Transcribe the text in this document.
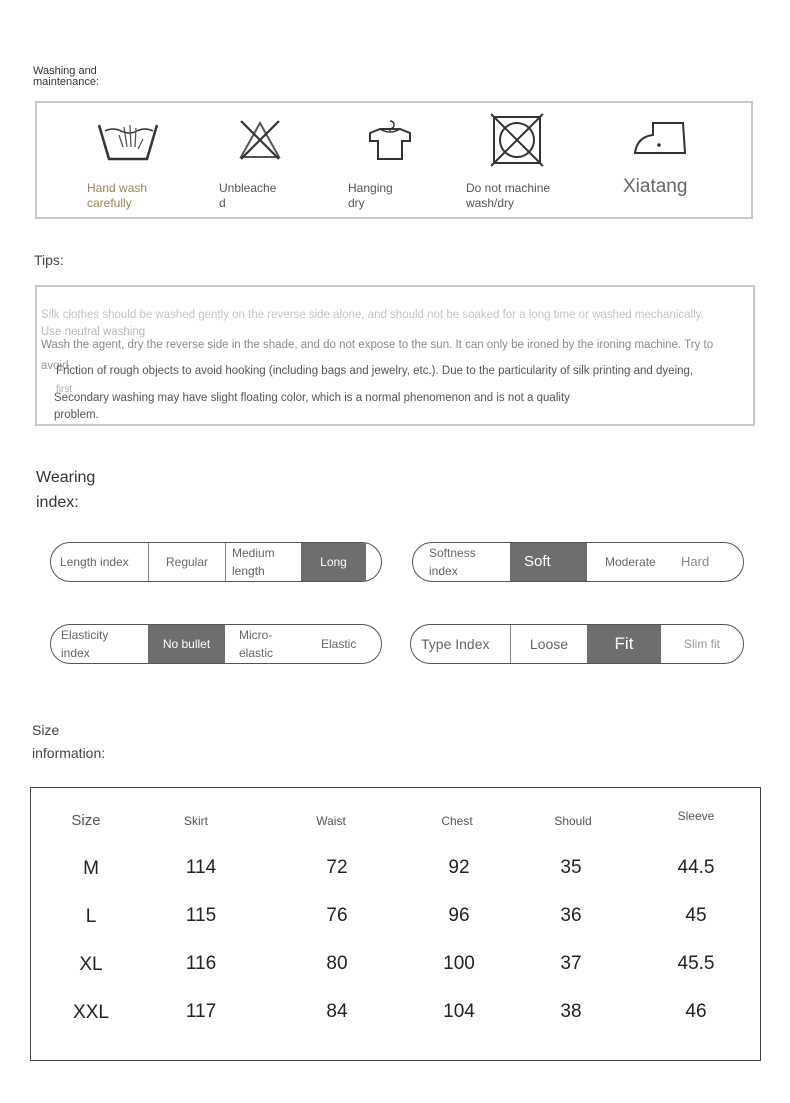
Washing and
maintenance:
Hand wash
carefully
Unbleache
d
Hanging
dry
Do not machine
wash/dry
Xiatang
Tips:
Silk clothes should be washed gently on the reverse side alone, and should not be soaked for a long time or washed mechanically.
Use neutral washing
Wash the agent, dry the reverse side in the shade, and do not expose to the sun. It can only be ironed by the ironing machine. Try to
avoid
Friction of rough objects to avoid hooking (including bags and jewelry, etc.). Due to the particularity of silk printing and dyeing,
first
Secondary washing may have slight floating color, which is a normal phenomenon and is not a quality
problem.
Wearing
index:
Length index	Regular
Medium length
Long
Softness
index
Soft	Moderate	Hard
Elasticity
index
No bullet
Micro-elastic
Elastic	Type Index	Loose	Fit	Slim fit
Size
information:
Size	Skirt	Waist	Chest	Should	Sleeve
M	114	72	92	35	44.5
L	115	76	96	36	45
XL	116	80	100	37	45.5
XXL	117	84	104	38	46
